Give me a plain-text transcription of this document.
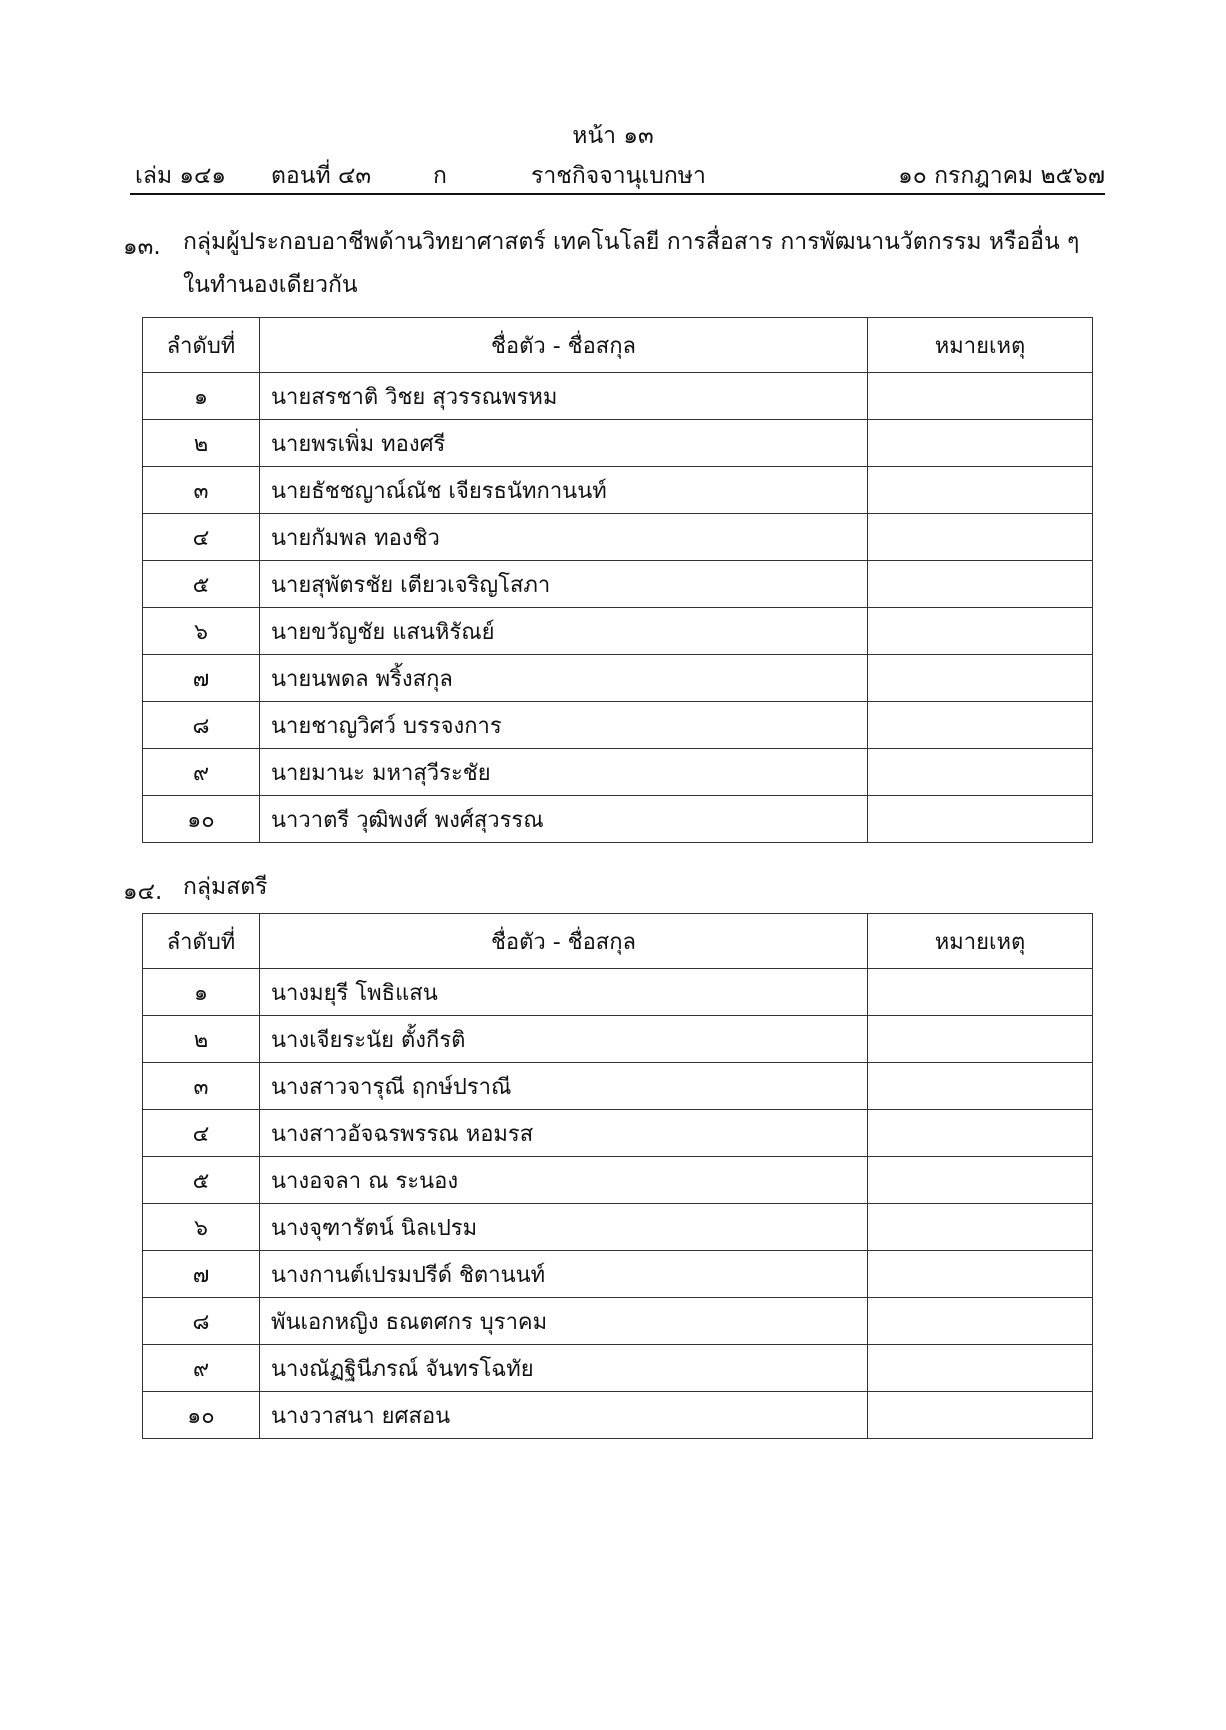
หน้า ๑๓
เล่ม ๑๔๑ ตอนที่ ๔๓	ก	ราชกิจจานุเบกษา	๑๐ กรกฎาคม ๒๕๖๗
๑๓. กลุ่มผู้ประกอบอาชีพด้านวิทยาศาสตร์ เทคโนโลยี การสื่อสาร การพัฒนานวัตกรรม หรืออื่น ๆ ในทำนองเดียวกัน
ลำดับที่	ชื่อตัว - ชื่อสกุล	หมายเหตุ
๑	นายสรชาติ วิชย สุวรรณพรหม	
๒	นายพรเพิ่ม ทองศรี	
๓	นายธัชชญาณ์ณัช เจียรธนัทกานนท์	
๔	นายกัมพล ทองชิว	
๕	นายสุพัตรชัย เตียวเจริญโสภา	
๖	นายขวัญชัย แสนหิรัณย์	
๗	นายนพดล พริ้งสกุล	
๘	นายชาญวิศว์ บรรจงการ	
๙	นายมานะ มหาสุวีระชัย	
๑๐	นาวาตรี วุฒิพงศ์ พงศ์สุวรรณ	
๑๔. กลุ่มสตรี
ลำดับที่	ชื่อตัว - ชื่อสกุล	หมายเหตุ
๑	นางมยุรี โพธิแสน	
๒	นางเจียระนัย ตั้งกีรติ	
๓	นางสาวจารุณี ฤกษ์ปราณี	
๔	นางสาวอัจฉรพรรณ หอมรส	
๕	นางอจลา ณ ระนอง	
๖	นางจุฑารัตน์ นิลเปรม	
๗	นางกานต์เปรมปรีด์ ชิตานนท์	
๘	พันเอกหญิง ธณตศกร บุราคม	
๙	นางณัฏฐินีภรณ์ จันทรโฉทัย	
๑๐	นางวาสนา ยศสอน	
